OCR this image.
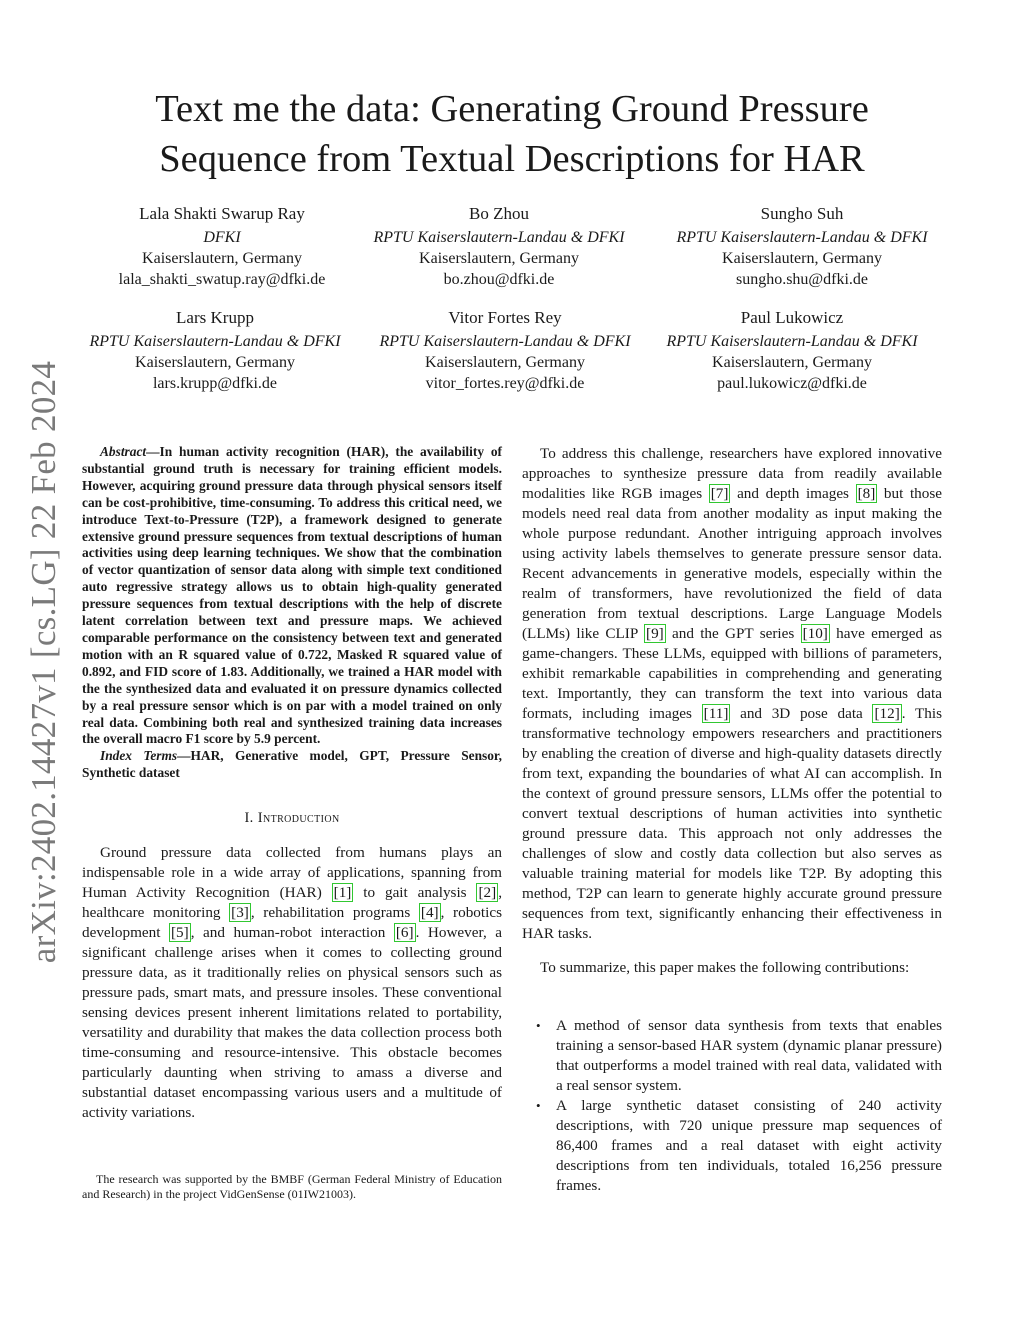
arXiv:2402.14427v1 [cs.LG] 22 Feb 2024
Text me the data: Generating Ground Pressure
Sequence from Textual Descriptions for HAR
Lala Shakti Swarup Ray
DFKI
Kaiserslautern, Germany
lala_shakti_swatup.ray@dfki.de
Bo Zhou
RPTU Kaiserslautern-Landau & DFKI
Kaiserslautern, Germany
bo.zhou@dfki.de
Sungho Suh
RPTU Kaiserslautern-Landau & DFKI
Kaiserslautern, Germany
sungho.shu@dfki.de
Lars Krupp
RPTU Kaiserslautern-Landau & DFKI
Kaiserslautern, Germany
lars.krupp@dfki.de
Vitor Fortes Rey
RPTU Kaiserslautern-Landau & DFKI
Kaiserslautern, Germany
vitor_fortes.rey@dfki.de
Paul Lukowicz
RPTU Kaiserslautern-Landau & DFKI
Kaiserslautern, Germany
paul.lukowicz@dfki.de

Abstract—In human activity recognition (HAR), the availability of substantial ground truth is necessary for training efficient models. However, acquiring ground pressure data through physical sensors itself can be cost-prohibitive, time-consuming. To address this critical need, we introduce Text-to-Pressure (T2P), a framework designed to generate extensive ground pressure sequences from textual descriptions of human activities using deep learning techniques. We show that the combination of vector quantization of sensor data along with simple text conditioned auto regressive strategy allows us to obtain high-quality generated pressure sequences from textual descriptions with the help of discrete latent correlation between text and pressure maps. We achieved comparable performance on the consistency between text and generated motion with an R squared value of 0.722, Masked R squared value of 0.892, and FID score of 1.83. Additionally, we trained a HAR model with the the synthesized data and evaluated it on pressure dynamics collected by a real pressure sensor which is on par with a model trained on only real data. Combining both real and synthesized training data increases the overall macro F1 score by 5.9 percent.

Index Terms—HAR, Generative model, GPT, Pressure Sensor, Synthetic dataset

I. Introduction

Ground pressure data collected from humans plays an indispensable role in a wide array of applications, spanning from Human Activity Recognition (HAR) [1] to gait analysis [2] , healthcare monitoring [3] , rehabilitation programs [4] , robotics development [5] , and human-robot interaction [6] . However, a significant challenge arises when it comes to collecting ground pressure data, as it traditionally relies on physical sensors such as pressure pads, smart mats, and pressure insoles. These conventional sensing devices present inherent limitations related to portability, versatility and durability that makes the data collection process both time-consuming and resource-intensive. This obstacle becomes particularly daunting when striving to amass a diverse and substantial dataset encompassing various users and a multitude of activity variations.

The research was supported by the BMBF (German Federal Ministry of Education and Research) in the project VidGenSense (01IW21003).

To address this challenge, researchers have explored innovative approaches to synthesize pressure data from readily available modalities like RGB images [7] and depth images [8] but those models need real data from another modality as input making the whole purpose redundant. Another intriguing approach involves using activity labels themselves to generate pressure sensor data. Recent advancements in generative models, especially within the realm of transformers, have revolutionized the field of data generation from textual descriptions. Large Language Models (LLMs) like CLIP [9] and the GPT series [10] have emerged as game-changers. These LLMs, equipped with billions of parameters, exhibit remarkable capabilities in comprehending and generating text. Importantly, they can transform the text into various data formats, including images [11] and 3D pose data [12] . This transformative technology empowers researchers and practitioners by enabling the creation of diverse and high-quality datasets directly from text, expanding the boundaries of what AI can accomplish. In the context of ground pressure sensors, LLMs offer the potential to convert textual descriptions of human activities into synthetic ground pressure data. This approach not only addresses the challenges of slow and costly data collection but also serves as valuable training material for models like T2P. By adopting this method, T2P can learn to generate highly accurate ground pressure sequences from text, significantly enhancing their effectiveness in HAR tasks.

To summarize, this paper makes the following contributions:

• A method of sensor data synthesis from texts that enables training a sensor-based HAR system (dynamic planar pressure) that outperforms a model trained with real data, validated with a real sensor system.
• A large synthetic dataset consisting of 240 activity descriptions, with 720 unique pressure map sequences of 86,400 frames and a real dataset with eight activity descriptions from ten individuals, totaled 16,256 pressure frames.
